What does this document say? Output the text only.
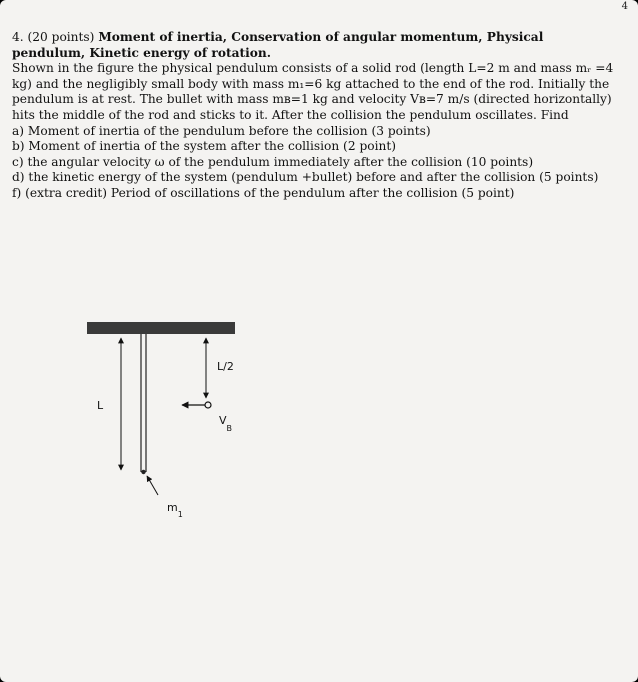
4

4. (20 points) Moment of inertia, Conservation of angular momentum, Physical

pendulum, Kinetic energy of rotation.

Shown in the figure the physical pendulum consists of a solid rod (length L=2 m and mass mᵣ =4

kg) and the negligibly small body with mass m₁=6 kg attached to the end of the rod. Initially the

pendulum is at rest. The bullet with mass mʙ=1 kg and velocity Vʙ=7 m/s (directed horizontally)

hits the middle of the rod and sticks to it. After the collision the pendulum oscillates. Find

a) Moment of inertia of the pendulum before the collision (3 points)

b) Moment of inertia of the system after the collision (2 point)

c) the angular velocity ω of the pendulum immediately after the collision (10 points)

d) the kinetic energy of the system (pendulum +bullet) before and after the collision (5 points)

f) (extra credit) Period of oscillations of the pendulum after the collision (5 point)

L
L/2
$V_B$
$m_1$
